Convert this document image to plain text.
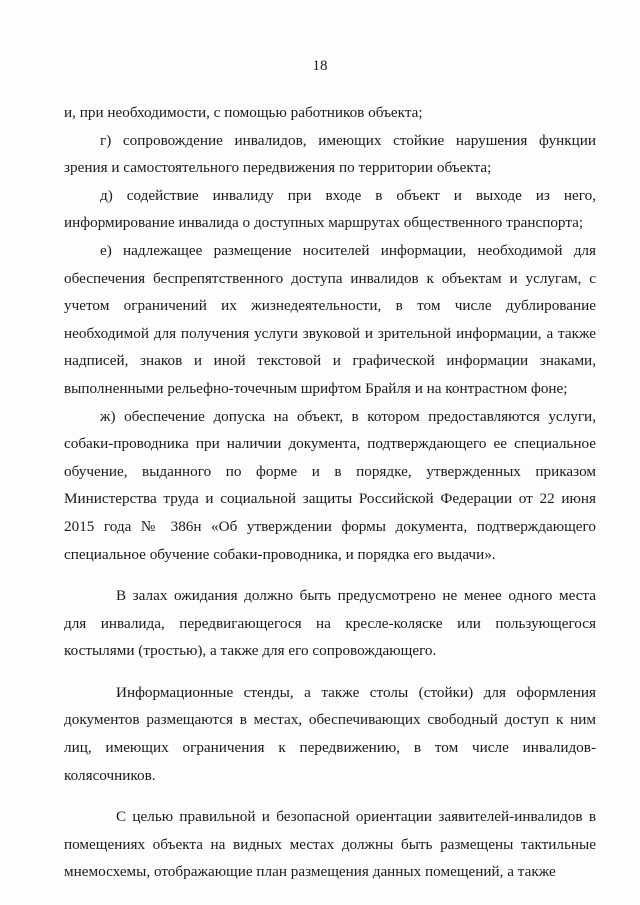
18

и, при необходимости, с помощью работников объекта;

г) сопровождение инвалидов, имеющих стойкие нарушения функции зрения и самостоятельного передвижения по территории объекта;

д) содействие инвалиду при входе в объект и выходе из него, информирование инвалида о доступных маршрутах общественного транспорта;

е) надлежащее размещение носителей информации, необходимой для обеспечения беспрепятственного доступа инвалидов к объектам и услугам, с учетом ограничений их жизнедеятельности, в том числе дублирование необходимой для получения услуги звуковой и зрительной информации, а также надписей, знаков и иной текстовой и графической информации знаками, выполненными рельефно-точечным шрифтом Брайля и на контрастном фоне;

ж) обеспечение допуска на объект, в котором предоставляются услуги, собаки-проводника при наличии документа, подтверждающего ее специальное обучение, выданного по форме и в порядке, утвержденных приказом Министерства труда и социальной защиты Российской Федерации от 22 июня 2015 года № 386н «Об утверждении формы документа, подтверждающего специальное обучение собаки-проводника, и порядка его выдачи».

В залах ожидания должно быть предусмотрено не менее одного места для инвалида, передвигающегося на кресле-коляске или пользующегося костылями (тростью), а также для его сопровождающего.

Информационные стенды, а также столы (стойки) для оформления документов размещаются в местах, обеспечивающих свободный доступ к ним лиц, имеющих ограничения к передвижению, в том числе инвалидов-колясочников.

С целью правильной и безопасной ориентации заявителей-инвалидов в помещениях объекта на видных местах должны быть размещены тактильные мнемосхемы, отображающие план размещения данных помещений, а также
